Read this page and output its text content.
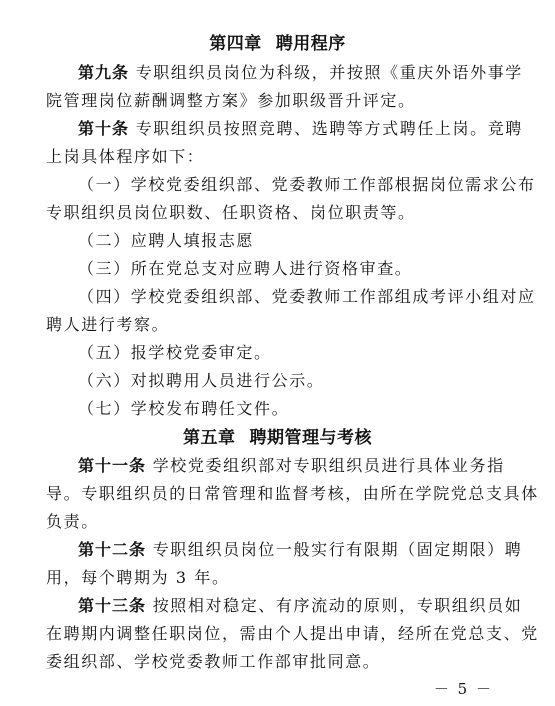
第四章 聘用程序
第九条 专职组织员岗位为科级，并按照《重庆外语外事学
院管理岗位薪酬调整方案》参加职级晋升评定。
第十条 专职组织员按照竞聘、选聘等方式聘任上岗。竞聘
上岗具体程序如下：
（一）学校党委组织部、党委教师工作部根据岗位需求公布
专职组织员岗位职数、任职资格、岗位职责等。
（二）应聘人填报志愿
（三）所在党总支对应聘人进行资格审查。
（四）学校党委组织部、党委教师工作部组成考评小组对应
聘人进行考察。
（五）报学校党委审定。
（六）对拟聘用人员进行公示。
（七）学校发布聘任文件。
第五章 聘期管理与考核
第十一条 学校党委组织部对专职组织员进行具体业务指
导。专职组织员的日常管理和监督考核，由所在学院党总支具体
负责。
第十二条 专职组织员岗位一般实行有限期（固定期限）聘
用，每个聘期为 3 年。
第十三条 按照相对稳定、有序流动的原则，专职组织员如
在聘期内调整任职岗位，需由个人提出申请，经所在党总支、党
委组织部、学校党委教师工作部审批同意。
－ 5 －
